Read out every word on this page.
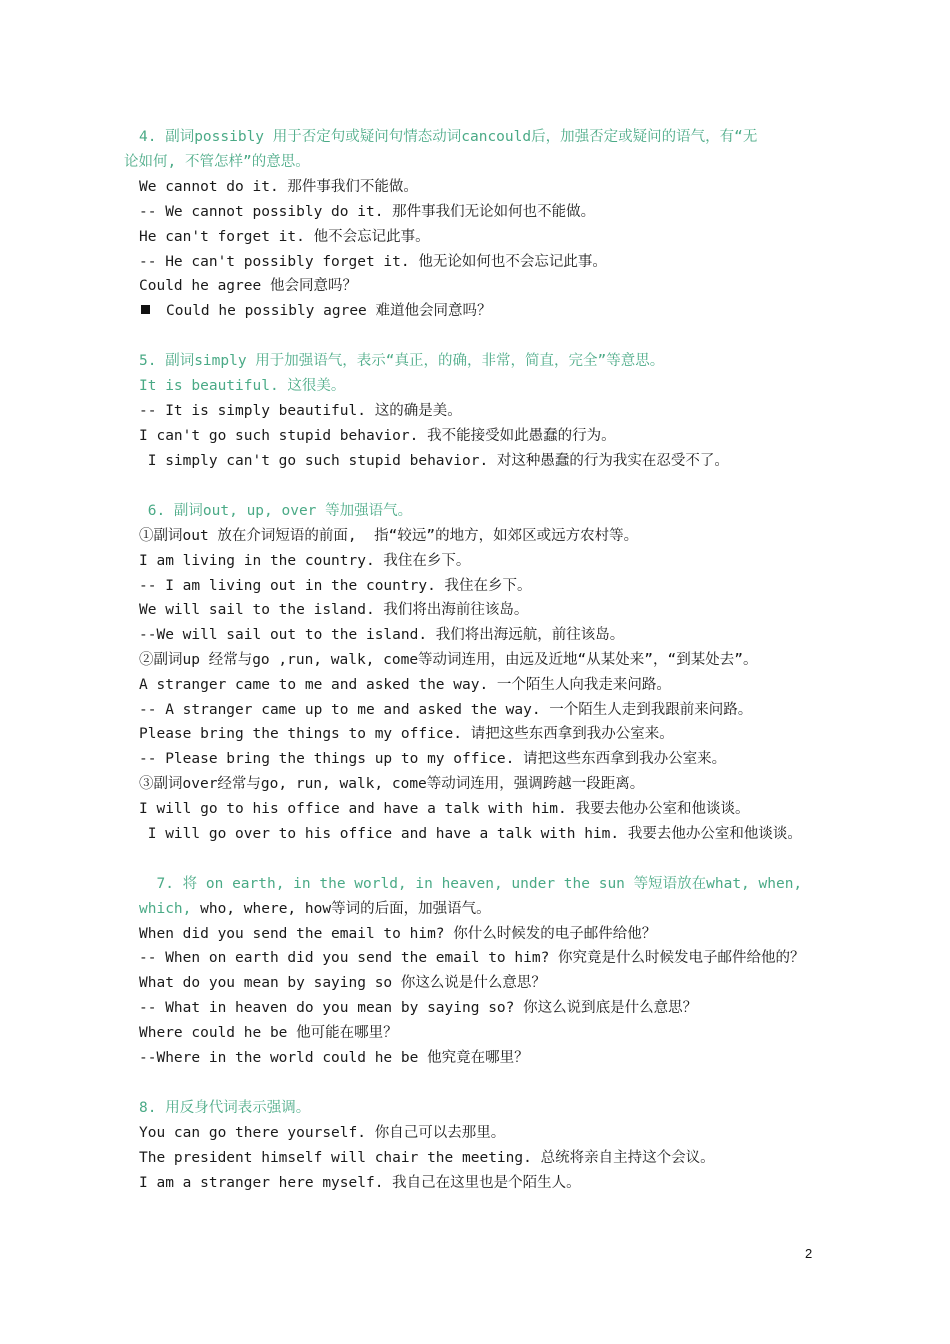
4. 副词possibly 用于否定句或疑问句情态动词cancould后，加强否定或疑问的语气，有“无
论如何, 不管怎样”的意思。
We cannot do it. 那件事我们不能做。
-- We cannot possibly do it. 那件事我们无论如何也不能做。
He can't forget it. 他不会忘记此事。
-- He can't possibly forget it. 他无论如何也不会忘记此事。
Could he agree 他会同意吗？
Could he possibly agree 难道他会同意吗？
5. 副词simply 用于加强语气，表示“真正，的确，非常，简直，完全”等意思。
It is beautiful. 这很美。
-- It is simply beautiful. 这的确是美。
I can't go such stupid behavior. 我不能接受如此愚蠢的行为。
I simply can't go such stupid behavior. 对这种愚蠢的行为我实在忍受不了。
6. 副词out, up, over 等加强语气。
①副词out 放在介词短语的前面,  指“较远”的地方，如郊区或远方农村等。
I am living in the country. 我住在乡下。
-- I am living out in the country. 我住在乡下。
We will sail to the island. 我们将出海前往该岛。
--We will sail out to the island. 我们将出海远航，前往该岛。
②副词up 经常与go ,run, walk, come等动词连用，由远及近地“从某处来”，“到某处去”。
A stranger came to me and asked the way. 一个陌生人向我走来问路。
-- A stranger came up to me and asked the way. 一个陌生人走到我跟前来问路。
Please bring the things to my office. 请把这些东西拿到我办公室来。
-- Please bring the things up to my office. 请把这些东西拿到我办公室来。
③副词over经常与go, run, walk, come等动词连用，强调跨越一段距离。
I will go to his office and have a talk with him. 我要去他办公室和他谈谈。
I will go over to his office and have a talk with him. 我要去他办公室和他谈谈。
7. 将 on earth, in the world, in heaven, under the sun 等短语放在what, when,
which, who, where, how等词的后面，加强语气。
When did you send the email to him? 你什么时候发的电子邮件给他？
-- When on earth did you send the email to him? 你究竟是什么时候发电子邮件给他的？
What do you mean by saying so 你这么说是什么意思？
-- What in heaven do you mean by saying so? 你这么说到底是什么意思？
Where could he be 他可能在哪里？
--Where in the world could he be 他究竟在哪里？
8. 用反身代词表示强调。
You can go there yourself. 你自己可以去那里。
The president himself will chair the meeting. 总统将亲自主持这个会议。
I am a stranger here myself. 我自己在这里也是个陌生人。
2
